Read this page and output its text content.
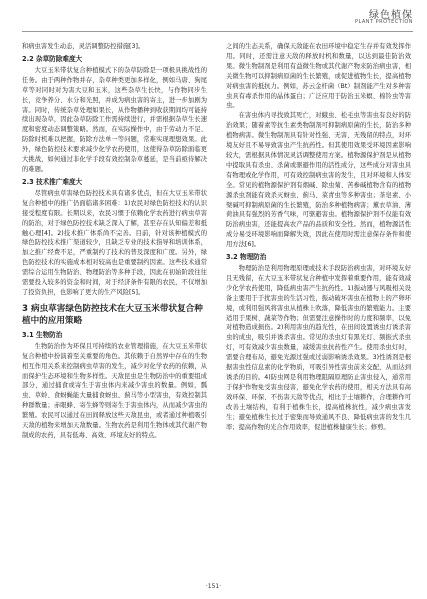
绿色植保
PLANT PROTECTION

和病虫害发生动态，灵活调整防控措施[3]。

2.2 杂草防除难度大

大豆玉米带状复合种植模式下的杂草防除是一项极具挑战性的任务。由于两种作物并存，杂草种类更加多样化，例如马唐、狗尾草等对同时对为害大豆和玉米，这些杂草生长快，与作物同步生长，竞争养分、水分和光照，并成为病虫害的寄主，进一步加剧为害。同时，传统杂草处理如果长，从作物播种到收获期间均可能持续出现杂草，因此杂草防除工作需持续进行，并需根据杂草生长速度和密度动态调整策略。然而，在实际操作中，由于劳动力不足、防除时机难以把握，防除方法单一等问题，常难实现理想效果。此外，绿色防控技术要求减少化学农药使用，这使得杂草防除面临更大挑战，如何通过非化学手段有效控制杂草蔓延，是当前亟待解决的难题。

2.3 技术推广难度大

尽管病虫草害绿色防控技术具有诸多优点，但在大豆玉米带状复合种植中的推广仍面临诸多困难：1)农民对绿色防控技术的认识接受程度有限。长期以来，农民习惯于依赖化学农药进行病虫草害的防治，对于绿色防控技术缺乏深入了解，甚至存在认知偏差和抵触心理[4]。2)技术推广体系尚不完善。目前，针对该种植模式的绿色防控技术推广渠道较少，且缺乏专业的技术指导和培训体系，加之推广经费不足，严重制约了技术的普及深度和广度。另外，绿色防控技术的实施成本相对较高也是重要制约因素。这些技术通常需综合运用生物防治、物理防治等多种手段，因此在初始阶段往往需要投入较多的资金和时间，对于经济条件有限的农民，不仅增加了投资负担，也影响了更大的生产风险[5]。

3 病虫草害绿色防控技术在大豆玉米带状复合种植中的应用策略
3.1 生物防治

生物防治作为环保且可持续的农业管理措施，在大豆玉米带状复合种植中扮演着至关重要的角色。其依赖于自然界中存在的生物相互作用关系来控制病虫草害的发生，减少对化学农药的依赖，从而保护生态环境和生物多样性。天敌昆虫是生物防治中的重要组成部分，通过捕食或寄生于害虫体内来减少害虫的数量。例如，瓢虫、草蛉、食蚜蝇能大量捕食蚜虫、蓟马等小型害虫，有效控制其种群数量；赤眼蜂、寄生蜂等则寄生于害虫体内，从而减少害虫的繁殖。农民可以通过在田间释放这些天敌昆虫，或者通过种植吸引天敌的植物来增加天敌数量。生物农药是利用生物体或其代谢产物制成的农药，具有低毒、高效、环境友好的特点。

之间的生态关系，确保天敌能在农田环境中稳定生存并有效发挥作用。同时，还需注意天敌的释放时机和数量，以达到最佳防治效果。微生物制剂是利用有益微生物或其代谢产物来防治病虫害，相关微生物可以抑制病原菌的生长繁殖，或促进植物生长，提高植物对病虫害的抵抗力。例如，苏云金杆菌（Bt）制剂能产生对多种害虫具有毒杀作用的晶体蛋白；广泛应用于防治玉米螟、棉铃虫等害虫。

在害虫体内寻找致其死亡，对蛾虫、松毛虫等害虫有良好的防治效果；随着素等抗生素类物制剂可抑制病原菌的生长，防治多种植物病害。微生物制剂具有针对性强、无害、无残留的特点，对环境友好且不易导致害虫产生抗药性。但其使用效果受环境因素影响较大，需根据具体情况灵活调整使用方案。植物源保护剂是从植物中提取具有杀虫、杀菌或驱避作用的活性成分，这些成分对害虫具有物理或化学作用，可有效控制病虫害的发生，且对环境和人体安全。常见的植物源保护剂有烟碱、除虫菊、苦参碱植物含有的植物源杀虫剂能有效杀灭蚜虫、蓟马、菜青虫等多种害虫；茶皂素、小檗碱可抑制病原菌的生长繁殖，防治多种植物病害；薰衣草油、薄荷油具有强烈的芳香气味，可驱避害虫。植物源保护剂不仅能有效防治病虫害，还能提高农产品的品质和安全性。然而，植物源活性成分易受环境影响而降解失效，因此在使用时需注意保存条件和使用方法[6]。

3.2 物理防治

物理防治是利用物理原理或技术手段防治病虫害，对环境友好且无残留，在大豆玉米带状复合种植中发挥着重要作用，能有效减少化学农药使用，降低病虫害产生抗药性。1)振动器与风吸相关设备主要用于于扰害虫的生活习性，振动破坏害虫在植物上的产卵环境，或利用强风将害虫从植株上吹落，降低害虫的繁殖能力。主要适用于果树、蔬菜等作物；但需要注意操作时的力度和频率，以免对植物造成损伤。2)利用害虫的趋光性，在田间设置诱虫灯诱杀害虫的成虫，吸引并诱杀害虫。常见的杀虫灯有黑光灯、频振式杀虫灯，可有效减少害虫数量，减缓害虫抗药性产生。使用杀虫灯时，需要合理布局，避免光源过强或过弱影响诱杀效果。3)性诱剂是根据害虫性信息素的化学物质，可吸引异性害虫前来交配，从而达到诱杀的目的。4)防虫网是利用物理阻隔原理防止害虫侵入，通常用于保护作物免受害虫侵害，避免化学农药的使用，相关方法具有高效环保、环保、不伤害天敌等优点，相比于土壤耕作，合理耕作可改善土壤结构，有利于植株生长，提高植株抗性，减少病虫害发生；避免植株生长过于密集而导致通风不良、降低病虫害的发生几率；提高作物的光合作用效率，促进植株健康生长；修剪。

·151·
